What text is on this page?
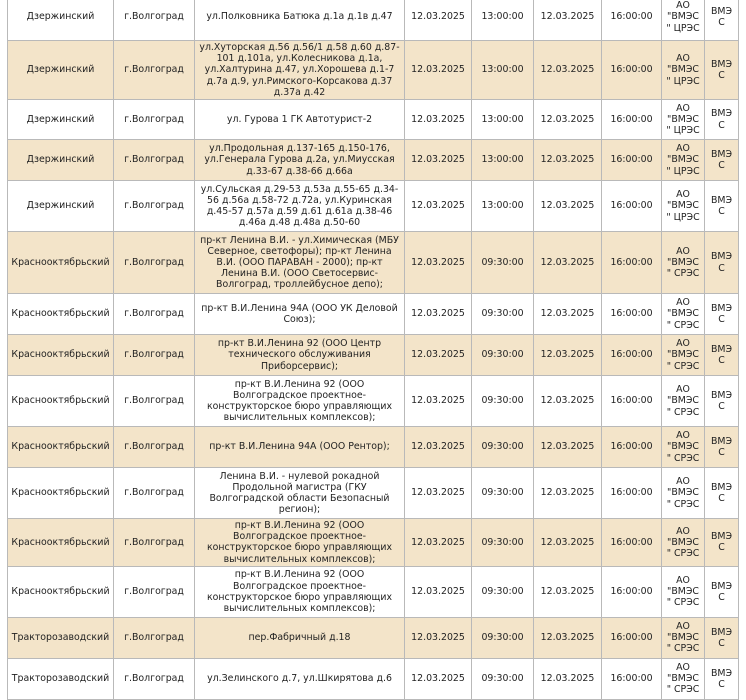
Дзержинский	г.Волгоград	ул.Полковника Батюка д.1а д.1в д.47	12.03.2025	13:00:00	12.03.2025	16:00:00	АО "ВМЭС" ЦРЭС	ВМЭС
Дзержинский	г.Волгоград	ул.Хуторская д.56 д.56/1 д.58 д.60 д.87-101 д.101а, ул.Колесникова д.1а, ул.Халтурина д.47, ул.Хорошева д.1-7 д.7а д.9, ул.Римского-Корсакова д.37 д.37а д.42	12.03.2025	13:00:00	12.03.2025	16:00:00	АО "ВМЭС" ЦРЭС	ВМЭС
Дзержинский	г.Волгоград	ул. Гурова 1 ГК Автотурист-2	12.03.2025	13:00:00	12.03.2025	16:00:00	АО "ВМЭС" ЦРЭС	ВМЭС
Дзержинский	г.Волгоград	ул.Продольная д.137-165 д.150-176, ул.Генерала Гурова д.2а, ул.Миусская д.33-67 д.38-66 д.66а	12.03.2025	13:00:00	12.03.2025	16:00:00	АО "ВМЭС" ЦРЭС	ВМЭС
Дзержинский	г.Волгоград	ул.Сульская д.29-53 д.53а д.55-65 д.34-56 д.56а д.58-72 д.72а, ул.Куринская д.45-57 д.57а д.59 д.61 д.61а д.38-46 д.46а д.48 д.48а д.50-60	12.03.2025	13:00:00	12.03.2025	16:00:00	АО "ВМЭС" ЦРЭС	ВМЭС
Краснооктябрьский	г.Волгоград	пр-кт Ленина В.И. - ул.Химическая (МБУ Северное, светофоры); пр-кт Ленина В.И. (ООО ПАРАВАН - 2000); пр-кт Ленина В.И. (ООО Светосервис-Волгоград, троллейбусное депо);	12.03.2025	09:30:00	12.03.2025	16:00:00	АО "ВМЭС" СРЭС	ВМЭС
Краснооктябрьский	г.Волгоград	пр-кт В.И.Ленина 94А (ООО УК Деловой Союз);	12.03.2025	09:30:00	12.03.2025	16:00:00	АО "ВМЭС" СРЭС	ВМЭС
Краснооктябрьский	г.Волгоград	пр-кт В.И.Ленина 92 (ООО Центр технического обслуживания Приборсервис);	12.03.2025	09:30:00	12.03.2025	16:00:00	АО "ВМЭС" СРЭС	ВМЭС
Краснооктябрьский	г.Волгоград	пр-кт В.И.Ленина 92 (ООО Волгоградское проектное-конструкторское бюро управляющих вычислительных комплексов);	12.03.2025	09:30:00	12.03.2025	16:00:00	АО "ВМЭС" СРЭС	ВМЭС
Краснооктябрьский	г.Волгоград	пр-кт В.И.Ленина 94А (ООО Рентор);	12.03.2025	09:30:00	12.03.2025	16:00:00	АО "ВМЭС" СРЭС	ВМЭС
Краснооктябрьский	г.Волгоград	Ленина В.И. - нулевой рокадной Продольной магистра (ГКУ Волгоградской области Безопасный регион);	12.03.2025	09:30:00	12.03.2025	16:00:00	АО "ВМЭС" СРЭС	ВМЭС
Краснооктябрьский	г.Волгоград	пр-кт В.И.Ленина 92 (ООО Волгоградское проектное-конструкторское бюро управляющих вычислительных комплексов);	12.03.2025	09:30:00	12.03.2025	16:00:00	АО "ВМЭС" СРЭС	ВМЭС
Краснооктябрьский	г.Волгоград	пр-кт В.И.Ленина 92 (ООО Волгоградское проектное-конструкторское бюро управляющих вычислительных комплексов);	12.03.2025	09:30:00	12.03.2025	16:00:00	АО "ВМЭС" СРЭС	ВМЭС
Тракторозаводский	г.Волгоград	пер.Фабричный д.18	12.03.2025	09:30:00	12.03.2025	16:00:00	АО "ВМЭС" СРЭС	ВМЭС
Тракторозаводский	г.Волгоград	ул.Зелинского д.7, ул.Шкирятова д.6	12.03.2025	09:30:00	12.03.2025	16:00:00	АО "ВМЭС" СРЭС	ВМЭС
